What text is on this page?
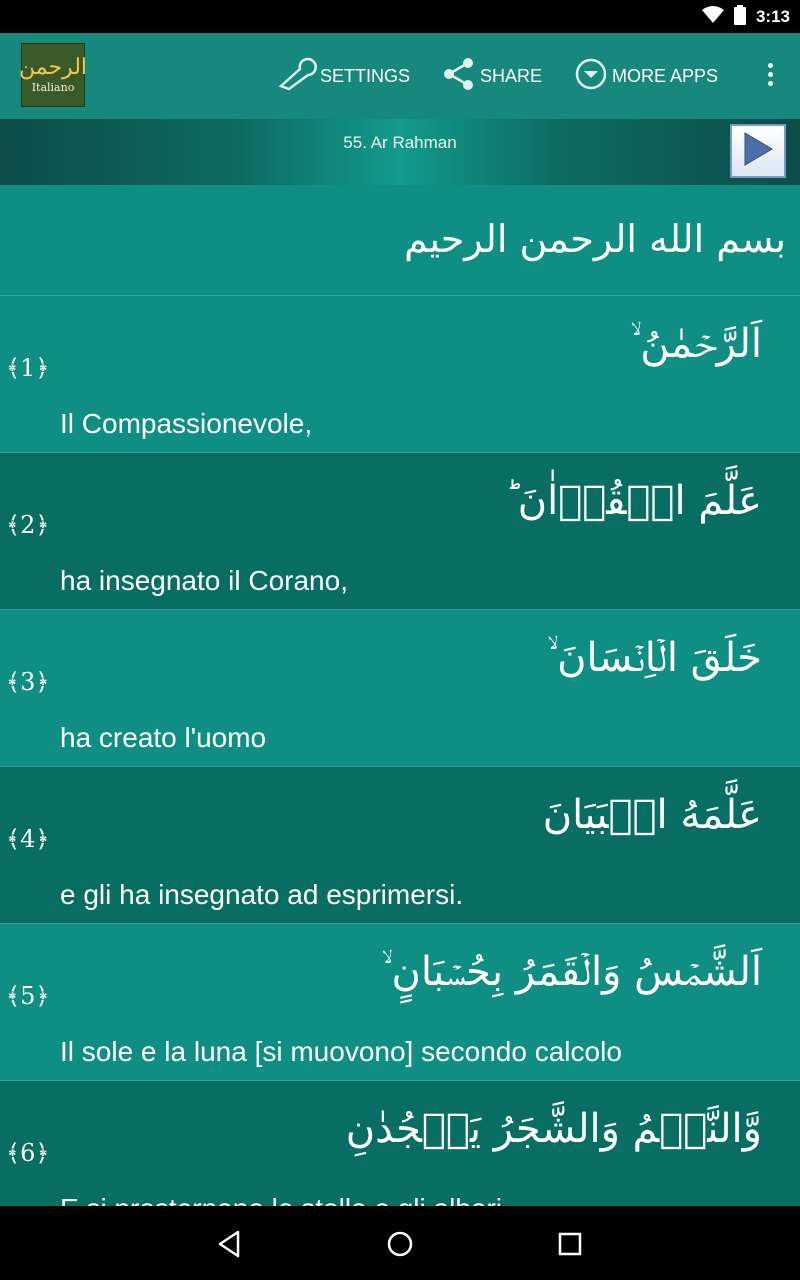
3:13
الرحمن
Italiano
SETTINGS	SHARE	MORE APPS
55. Ar Rahman
بسم الله الرحمن الرحيم
اَلرَّحۡمٰنُ ۙ
﴾1﴿
Il Compassionevole,
عَلَّمَ الۡقُرۡاٰنَ ؕ
﴾2﴿
ha insegnato il Corano,
خَلَقَ الۡاِنۡسَانَ ۙ
﴾3﴿
ha creato l'uomo
عَلَّمَهُ الۡبَيَانَ
﴾4﴿
e gli ha insegnato ad esprimersi.
اَلشَّمۡسُ وَالۡقَمَرُ بِحُسۡبَانٍ ۙ
﴾5﴿
Il sole e la luna [si muovono] secondo calcolo
وَّالنَّجۡمُ وَالشَّجَرُ يَسۡجُدٰنِ
﴾6﴿
